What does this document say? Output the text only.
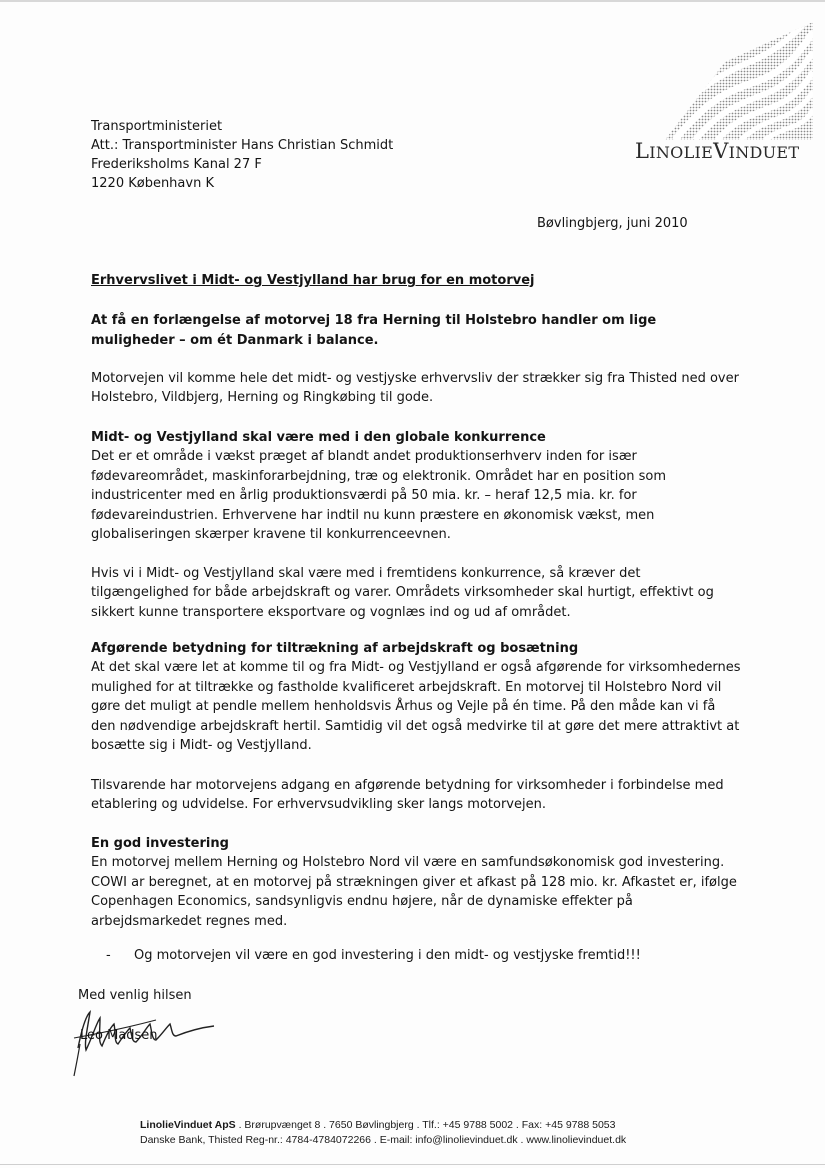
LINOLIEVINDUET
Transportministeriet
Att.: Transportminister Hans Christian Schmidt
Frederiksholms Kanal 27 F
1220 København K
Bøvlingbjerg, juni 2010
Erhvervslivet i Midt- og Vestjylland har brug for en motorvej
At få en forlængelse af motorvej 18 fra Herning til Holstebro handler om lige muligheder – om ét Danmark i balance.
Motorvejen vil komme hele det midt- og vestjyske erhvervsliv der strækker sig fra Thisted ned over Holstebro, Vildbjerg, Herning og Ringkøbing til gode.
Midt- og Vestjylland skal være med i den globale konkurrence
Det er et område i vækst præget af blandt andet produktionserhverv inden for især fødevareområdet, maskinforarbejdning, træ og elektronik. Området har en position som industricenter med en årlig produktionsværdi på 50 mia. kr. – heraf 12,5 mia. kr. for fødevareindustrien. Erhvervene har indtil nu kunn præstere en økonomisk vækst, men globaliseringen skærper kravene til konkurrenceevnen.
Hvis vi i Midt- og Vestjylland skal være med i fremtidens konkurrence, så kræver det tilgængelighed for både arbejdskraft og varer. Områdets virksomheder skal hurtigt, effektivt og sikkert kunne transportere eksportvare og vognlæs ind og ud af området.
Afgørende betydning for tiltrækning af arbejdskraft og bosætning
At det skal være let at komme til og fra Midt- og Vestjylland er også afgørende for virksomhedernes mulighed for at tiltrække og fastholde kvalificeret arbejdskraft. En motorvej til Holstebro Nord vil gøre det muligt at pendle mellem henholdsvis Århus og Vejle på én time. På den måde kan vi få den nødvendige arbejdskraft hertil. Samtidig vil det også medvirke til at gøre det mere attraktivt at bosætte sig i Midt- og Vestjylland.
Tilsvarende har motorvejens adgang en afgørende betydning for virksomheder i forbindelse med etablering og udvidelse. For erhvervsudvikling sker langs motorvejen.
En god investering
En motorvej mellem Herning og Holstebro Nord vil være en samfundsøkonomisk god investering. COWI ar beregnet, at en motorvej på strækningen giver et afkast på 128 mio. kr. Afkastet er, ifølge Copenhagen Economics, sandsynligvis endnu højere, når de dynamiske effekter på arbejdsmarkedet regnes med.
- Og motorvejen vil være en god investering i den midt- og vestjyske fremtid!!!
Med venlig hilsen
Leo Madsen
LinolieVinduet ApS . Brørupvænget 8 . 7650 Bøvlingbjerg . Tlf.: +45 9788 5002 . Fax: +45 9788 5053
Danske Bank, Thisted Reg-nr.: 4784-4784072266 . E-mail: info@linolievinduet.dk . www.linolievinduet.dk
